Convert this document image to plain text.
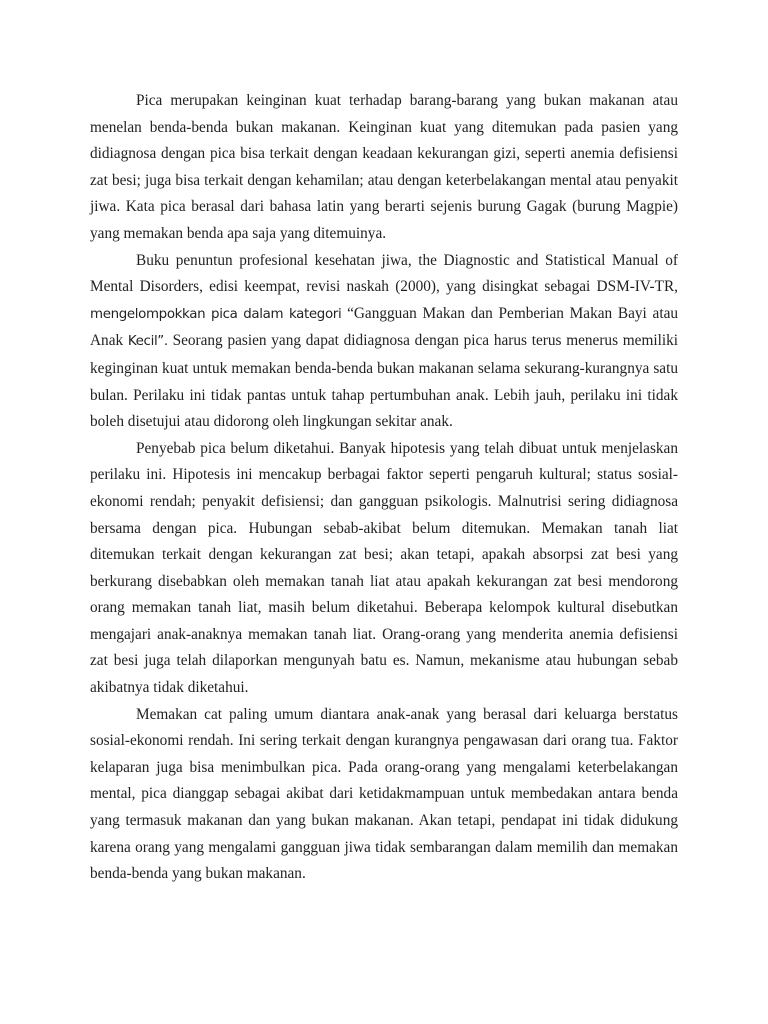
Pica merupakan keinginan kuat terhadap barang-barang yang bukan makanan atau menelan benda-benda bukan makanan. Keinginan kuat yang ditemukan pada pasien yang didiagnosa dengan pica bisa terkait dengan keadaan kekurangan gizi, seperti anemia defisiensi zat besi; juga bisa terkait dengan kehamilan; atau dengan keterbelakangan mental atau penyakit jiwa. Kata pica berasal dari bahasa latin yang berarti sejenis burung Gagak (burung Magpie) yang memakan benda apa saja yang ditemuinya.

Buku penuntun profesional kesehatan jiwa, the Diagnostic and Statistical Manual of Mental Disorders, edisi keempat, revisi naskah (2000), yang disingkat sebagai DSM-IV-TR, mengelompokkan pica dalam kategori “Gangguan Makan dan Pemberian Makan Bayi atau Anak Kecil”. Seorang pasien yang dapat didiagnosa dengan pica harus terus menerus memiliki keginginan kuat untuk memakan benda-benda bukan makanan selama sekurang-kurangnya satu bulan. Perilaku ini tidak pantas untuk tahap pertumbuhan anak. Lebih jauh, perilaku ini tidak boleh disetujui atau didorong oleh lingkungan sekitar anak.

Penyebab pica belum diketahui. Banyak hipotesis yang telah dibuat untuk menjelaskan perilaku ini. Hipotesis ini mencakup berbagai faktor seperti pengaruh kultural; status sosial-ekonomi rendah; penyakit defisiensi; dan gangguan psikologis. Malnutrisi sering didiagnosa bersama dengan pica. Hubungan sebab-akibat belum ditemukan. Memakan tanah liat ditemukan terkait dengan kekurangan zat besi; akan tetapi, apakah absorpsi zat besi yang berkurang disebabkan oleh memakan tanah liat atau apakah kekurangan zat besi mendorong orang memakan tanah liat, masih belum diketahui. Beberapa kelompok kultural disebutkan mengajari anak-anaknya memakan tanah liat. Orang-orang yang menderita anemia defisiensi zat besi juga telah dilaporkan mengunyah batu es. Namun, mekanisme atau hubungan sebab akibatnya tidak diketahui.

Memakan cat paling umum diantara anak-anak yang berasal dari keluarga berstatus sosial-ekonomi rendah. Ini sering terkait dengan kurangnya pengawasan dari orang tua. Faktor kelaparan juga bisa menimbulkan pica. Pada orang-orang yang mengalami keterbelakangan mental, pica dianggap sebagai akibat dari ketidakmampuan untuk membedakan antara benda yang termasuk makanan dan yang bukan makanan. Akan tetapi, pendapat ini tidak didukung karena orang yang mengalami gangguan jiwa tidak sembarangan dalam memilih dan memakan benda-benda yang bukan makanan.
